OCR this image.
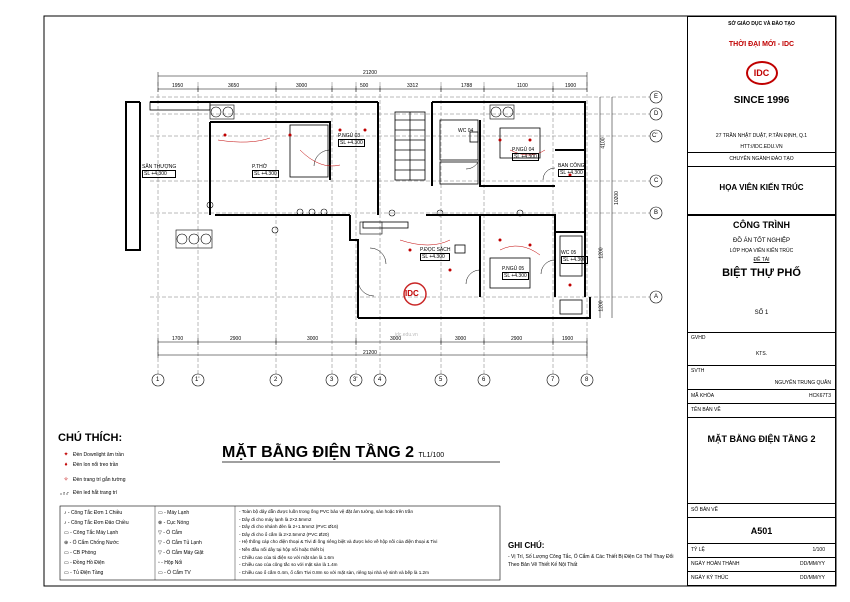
21200
21200
1950	3650	3000	500	3312	1788	1100	1900
1700	2900	3000	3000	3000	2900	1900
4100
10200
1200
1200
1	1'	2	3	3'	4	5	6	7	8
E
D
C'
C
B
A
P.NGỦ 03
SL +4.300
P.NGỦ 04
SL +4.300
SÂN THƯỢNG
SL +4.300
P.THỜ
SL +4.300
WC 04
BAN CÔNG
SL +4.300
P.ĐỌC SÁCH
SL +4.300
P.NGỦ 05
SL +4.300
WC 05
SL +4.300
IDC
idc.edu.vn
MẶT BẰNG ĐIỆN TẦNG 2 TL1/100
CHÚ THÍCH:
✦ Đèn Downlight âm trần
♦	Đèn lon nổi treo trần
✧ Đèn trang trí gắn tường
- - Đèn led hắt trang trí
♪ - Công Tắc Đơn 1 Chiều
♪ - Công Tắc Đơn Đảo Chiều
▭ - Công Tắc Máy Lạnh
⊕ - Ổ Cắm Chống Nước
▭ - CB Phòng
▭ - Đồng Hồ Điện
▭ - Tủ Điện Tầng
▭ - Máy Lạnh
⊗ - Cục Nóng
▽ - Ổ Cắm
▽ - Ổ Cắm Tủ Lạnh
▽ - Ổ Cắm Máy Giặt
▫ - Hộp Nối
▭ - Ổ Cắm TV
- Toàn bộ dây dẫn được luồn trong ống PVC bảo vệ đặt âm tường, sàn hoặc trên trần
- Dây đi cho máy lạnh là 2×2.5mm2
- Dây đi cho nhánh đèn là 2+1.5mm2 (PVC Ø16)
- Dây đi cho ổ cắm là 2×2.5mm2 (PVC Ø20)
- Hệ thống cáp cho điện thoại & Tivi đi ống riêng biệt và được kéo về hộp nối của điện thoại & Tivi
- Nền đầu nối dây tại hộp nối hoặc thiết bị
- Chiều cao của tủ điện so với mặt sàn là 1.6m
- Chiều cao của công tắc so với mặt sàn là 1.4m
- Chiều cao ổ cắm 0.4m, ổ cắm Tivi 0.8m so với mặt sàn, riêng tại nhà vệ sinh và bếp là 1.2m
GHI CHÚ:
- Vị Trí, Số Lượng Công Tắc, Ổ Cắm & Các Thiết Bị Điện Có Thể Thay Đổi Theo Bản Vẽ Thiết Kế Nội Thất
SỞ GIÁO DỤC VÀ ĐÀO TẠO
THỜI ĐẠI MỚI - IDC
IDC
SINCE 1996
27 TRẦN NHẬT DUẬT, P.TÂN ĐỊNH, Q.1
HTT://IDC.EDU.VN
CHUYÊN NGÀNH ĐÀO TẠO
HỌA VIÊN KIẾN TRÚC
CÔNG TRÌNH
ĐỒ ÁN TỐT NGHIỆP
LỚP HỌA VIÊN KIẾN TRÚC
ĐỀ TÀI
BIỆT THỰ PHỐ
SỐ 1
GVHD
KTS.
SVTH
NGUYỄN TRUNG QUÂN
MÃ KHÓA	HCK67T3
TÊN BẢN VẼ
MẶT BẰNG ĐIỆN TẦNG 2
SỐ BẢN VẼ
A501
TỶ LỆ	1/100
NGÀY HOÀN THÀNH	DD/MM/YY
NGÀY KÝ THÚC	DD/MM/YY
